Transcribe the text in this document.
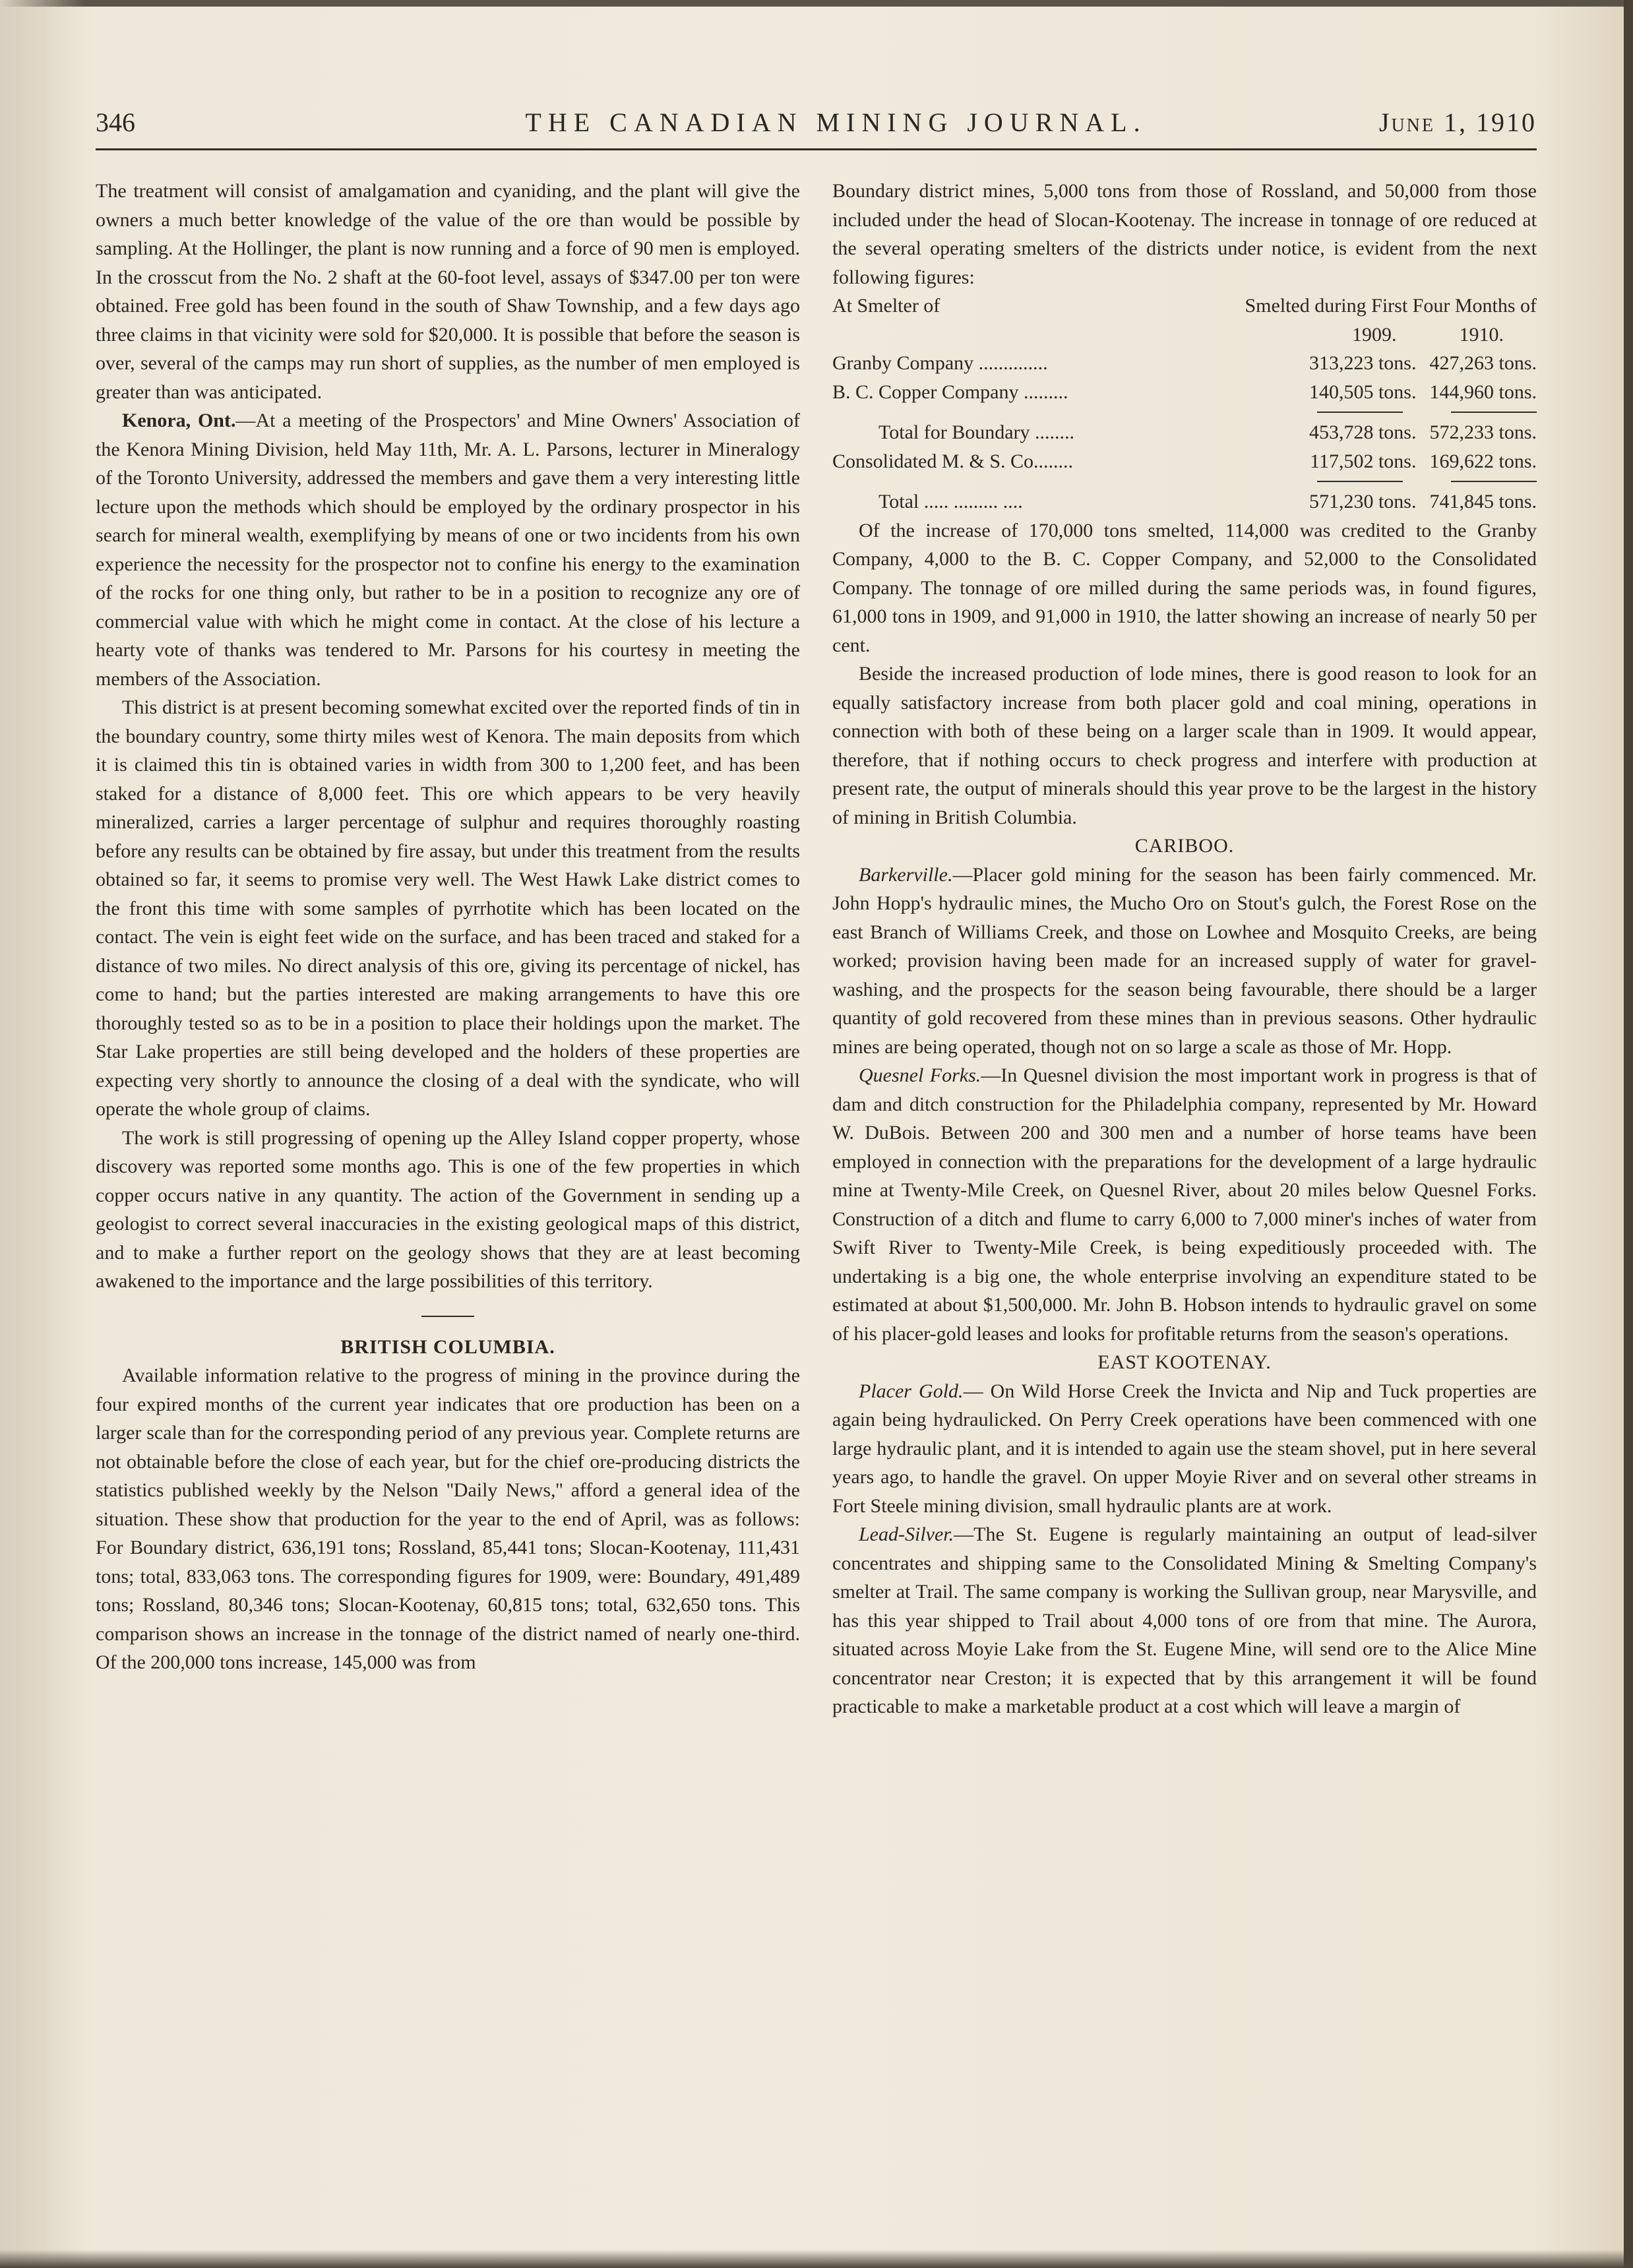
346	THE CANADIAN MINING JOURNAL.	June 1, 1910

The treatment will consist of amalgamation and cyaniding, and the plant will give the owners a much better knowledge of the value of the ore than would be possible by sampling. At the Hollinger, the plant is now running and a force of 90 men is employed. In the crosscut from the No. 2 shaft at the 60-foot level, assays of $347.00 per ton were obtained. Free gold has been found in the south of Shaw Township, and a few days ago three claims in that vicinity were sold for $20,000. It is possible that before the season is over, several of the camps may run short of supplies, as the number of men employed is greater than was anticipated.

Kenora, Ont.—At a meeting of the Prospectors' and Mine Owners' Association of the Kenora Mining Division, held May 11th, Mr. A. L. Parsons, lecturer in Mineralogy of the Toronto University, addressed the members and gave them a very interesting little lecture upon the methods which should be employed by the ordinary prospector in his search for mineral wealth, exemplifying by means of one or two incidents from his own experience the necessity for the prospector not to confine his energy to the examination of the rocks for one thing only, but rather to be in a position to recognize any ore of commercial value with which he might come in contact. At the close of his lecture a hearty vote of thanks was tendered to Mr. Parsons for his courtesy in meeting the members of the Association.

This district is at present becoming somewhat excited over the reported finds of tin in the boundary country, some thirty miles west of Kenora. The main deposits from which it is claimed this tin is obtained varies in width from 300 to 1,200 feet, and has been staked for a distance of 8,000 feet. This ore which appears to be very heavily mineralized, carries a larger percentage of sulphur and requires thoroughly roasting before any results can be obtained by fire assay, but under this treatment from the results obtained so far, it seems to promise very well. The West Hawk Lake district comes to the front this time with some samples of pyrrhotite which has been located on the contact. The vein is eight feet wide on the surface, and has been traced and staked for a distance of two miles. No direct analysis of this ore, giving its percentage of nickel, has come to hand; but the parties interested are making arrangements to have this ore thoroughly tested so as to be in a position to place their holdings upon the market. The Star Lake properties are still being developed and the holders of these properties are expecting very shortly to announce the closing of a deal with the syndicate, who will operate the whole group of claims.

The work is still progressing of opening up the Alley Island copper property, whose discovery was reported some months ago. This is one of the few properties in which copper occurs native in any quantity. The action of the Government in sending up a geologist to correct several inaccuracies in the existing geological maps of this district, and to make a further report on the geology shows that they are at least becoming awakened to the importance and the large possibilities of this territory.

BRITISH COLUMBIA.

Available information relative to the progress of mining in the province during the four expired months of the current year indicates that ore production has been on a larger scale than for the corresponding period of any previous year. Complete returns are not obtainable before the close of each year, but for the chief ore-producing districts the statistics published weekly by the Nelson ''Daily News,'' afford a general idea of the situation. These show that production for the year to the end of April, was as follows: For Boundary district, 636,191 tons; Rossland, 85,441 tons; Slocan-Kootenay, 111,431 tons; total, 833,063 tons. The corresponding figures for 1909, were: Boundary, 491,489 tons; Rossland, 80,346 tons; Slocan-Kootenay, 60,815 tons; total, 632,650 tons. This comparison shows an increase in the tonnage of the district named of nearly one-third. Of the 200,000 tons increase, 145,000 was from

Boundary district mines, 5,000 tons from those of Rossland, and 50,000 from those included under the head of Slocan-Kootenay. The increase in tonnage of ore reduced at the several operating smelters of the districts under notice, is evident from the next following figures:

At Smelter of	Smelted during First Four Months of	
	1909.	1910.
Granby Company ..............	313,223 tons.	427,263 tons.
B. C. Copper Company .........	140,505 tons.	144,960 tons.

Total for Boundary ........	453,728 tons.	572,233 tons.
Consolidated M. & S. Co........	117,502 tons.	169,622 tons.

Total ..... ......... ....	571,230 tons.	741,845 tons.

Of the increase of 170,000 tons smelted, 114,000 was credited to the Granby Company, 4,000 to the B. C. Copper Company, and 52,000 to the Consolidated Company. The tonnage of ore milled during the same periods was, in found figures, 61,000 tons in 1909, and 91,000 in 1910, the latter showing an increase of nearly 50 per cent.

Beside the increased production of lode mines, there is good reason to look for an equally satisfactory increase from both placer gold and coal mining, operations in connection with both of these being on a larger scale than in 1909. It would appear, therefore, that if nothing occurs to check progress and interfere with production at present rate, the output of minerals should this year prove to be the largest in the history of mining in British Columbia.

CARIBOO.

Barkerville.—Placer gold mining for the season has been fairly commenced. Mr. John Hopp's hydraulic mines, the Mucho Oro on Stout's gulch, the Forest Rose on the east Branch of Williams Creek, and those on Lowhee and Mosquito Creeks, are being worked; provision having been made for an increased supply of water for gravel-washing, and the prospects for the season being favourable, there should be a larger quantity of gold recovered from these mines than in previous seasons. Other hydraulic mines are being operated, though not on so large a scale as those of Mr. Hopp.

Quesnel Forks.—In Quesnel division the most important work in progress is that of dam and ditch construction for the Philadelphia company, represented by Mr. Howard W. DuBois. Between 200 and 300 men and a number of horse teams have been employed in connection with the preparations for the development of a large hydraulic mine at Twenty-Mile Creek, on Quesnel River, about 20 miles below Quesnel Forks. Construction of a ditch and flume to carry 6,000 to 7,000 miner's inches of water from Swift River to Twenty-Mile Creek, is being expeditiously proceeded with. The undertaking is a big one, the whole enterprise involving an expenditure stated to be estimated at about $1,500,000. Mr. John B. Hobson intends to hydraulic gravel on some of his placer-gold leases and looks for profitable returns from the season's operations.

EAST KOOTENAY.

Placer Gold.— On Wild Horse Creek the Invicta and Nip and Tuck properties are again being hydraulicked. On Perry Creek operations have been commenced with one large hydraulic plant, and it is intended to again use the steam shovel, put in here several years ago, to handle the gravel. On upper Moyie River and on several other streams in Fort Steele mining division, small hydraulic plants are at work.

Lead-Silver.—The St. Eugene is regularly maintaining an output of lead-silver concentrates and shipping same to the Consolidated Mining & Smelting Company's smelter at Trail. The same company is working the Sullivan group, near Marysville, and has this year shipped to Trail about 4,000 tons of ore from that mine. The Aurora, situated across Moyie Lake from the St. Eugene Mine, will send ore to the Alice Mine concentrator near Creston; it is expected that by this arrangement it will be found practicable to make a marketable product at a cost which will leave a margin of
